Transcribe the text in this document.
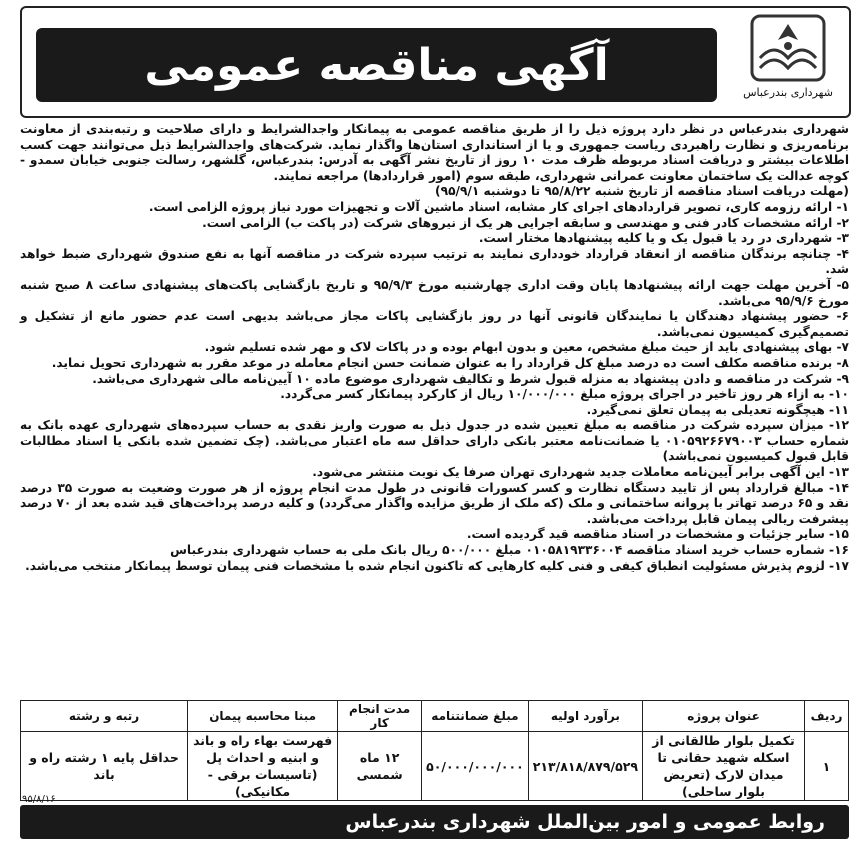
شهرداری بندرعباس
آگهی مناقصه عمومی

شهرداری بندرعباس در نظر دارد پروژه ذیل را از طریق مناقصه عمومی به پیمانکار واجدالشرایط و دارای صلاحیت و رتبه‌بندی از معاونت برنامه‌ریزی و نظارت راهبردی ریاست جمهوری و یا از استانداری استان‌ها واگذار نماید. شرکت‌های واجدالشرایط ذیل می‌توانند جهت کسب اطلاعات بیشتر و دریافت اسناد مربوطه ظرف مدت ۱۰ روز از تاریخ نشر آگهی به آدرس: بندرعباس، گلشهر، رسالت جنوبی خیابان سمدو - کوچه عدالت یک ساختمان معاونت عمرانی شهرداری، طبقه سوم (امور قراردادها) مراجعه نمایند.

(مهلت دریافت اسناد مناقصه از تاریخ شنبه ۹۵/۸/۲۲ تا دوشنبه ۹۵/۹/۱)

۱- ارائه رزومه کاری، تصویر قراردادهای اجرای کار مشابه، اسناد ماشین آلات و تجهیزات مورد نیاز پروژه الزامی است.

۲- ارائه مشخصات کادر فنی و مهندسی و سابقه اجرایی هر یک از نیروهای شرکت (در پاکت ب) الزامی است.

۳- شهرداری در رد یا قبول یک و یا کلیه پیشنهادها مختار است.

۴- چنانچه برندگان مناقصه از انعقاد قرارداد خودداری نمایند به ترتیب سپرده شرکت در مناقصه آنها به نفع صندوق شهرداری ضبط خواهد شد.

۵- آخرین مهلت جهت ارائه پیشنهادها پایان وقت اداری چهارشنبه مورخ ۹۵/۹/۳ و تاریخ بازگشایی پاکت‌های پیشنهادی ساعت ۸ صبح شنبه مورخ ۹۵/۹/۶ می‌باشد.

۶- حضور پیشنهاد دهندگان یا نمایندگان قانونی آنها در روز بازگشایی پاکات مجاز می‌باشد بدیهی است عدم حضور مانع از تشکیل و تصمیم‌گیری کمیسیون نمی‌باشد.

۷- بهای پیشنهادی باید از حیث مبلغ مشخص، معین و بدون ابهام بوده و در پاکات لاک و مهر شده تسلیم شود.

۸- برنده مناقصه مکلف است ده درصد مبلغ کل قرارداد را به عنوان ضمانت حسن انجام معامله در موعد مقرر به شهرداری تحویل نماید.

۹- شرکت در مناقصه و دادن پیشنهاد به منزله قبول شرط و تکالیف شهرداری موضوع ماده ۱۰ آیین‌نامه مالی شهرداری می‌باشد.

۱۰- به ازاء هر روز تاخیر در اجرای پروژه مبلغ ۱۰/۰۰۰/۰۰۰ ریال از کارکرد پیمانکار کسر می‌گردد.

۱۱- هیچگونه تعدیلی به پیمان تعلق نمی‌گیرد.

۱۲- میزان سپرده شرکت در مناقصه به مبلغ تعیین شده در جدول ذیل به صورت واریز نقدی به حساب سپرده‌های شهرداری عهده بانک به شماره حساب ۰۱۰۵۹۲۶۶۷۹۰۰۳ یا ضمانت‌نامه معتبر بانکی دارای حداقل سه ماه اعتبار می‌باشد. (چک تضمین شده بانکی یا اسناد مطالبات قابل قبول کمیسیون نمی‌باشد)

۱۳- این آگهی برابر آیین‌نامه معاملات جدید شهرداری تهران صرفا یک نوبت منتشر می‌شود.

۱۴- مبالغ قرارداد پس از تایید دستگاه نظارت و کسر کسورات قانونی در طول مدت انجام پروژه از هر صورت وضعیت به صورت ۳۵ درصد نقد و ۶۵ درصد تهاتر با پروانه ساختمانی و ملک (که ملک از طریق مزایده واگذار می‌گردد) و کلیه درصد پرداخت‌های قید شده بعد از ۷۰ درصد پیشرفت ریالی پیمان قابل پرداخت می‌باشد.

۱۵- سایر جزئیات و مشخصات در اسناد مناقصه قید گردیده است.

۱۶- شماره حساب خرید اسناد مناقصه ۰۱۰۵۸۱۹۳۳۶۰۰۴ مبلغ ۵۰۰/۰۰۰ ریال بانک ملی به حساب شهرداری بندرعباس

۱۷- لزوم پذیرش مسئولیت انطباق کیفی و فنی کلیه کارهایی که تاکنون انجام شده با مشخصات فنی پیمان توسط پیمانکار منتخب می‌باشد.

ردیف	عنوان پروژه	برآورد اولیه	مبلغ ضمانتنامه	مدت انجام کار	مبنا محاسبه پیمان	رتبه و رشته
۱	تکمیل بلوار طالقانی از اسکله شهید حقانی تا میدان لارک (تعریض بلوار ساحلی)	۲۱۳/۸۱۸/۸۷۹/۵۲۹	۵۰/۰۰۰/۰۰۰/۰۰۰	۱۲ ماه شمسی	فهرست بهاء راه و باند و ابنیه و احداث پل (تاسیسات برقی - مکانیکی)	حداقل پایه ۱ رشته راه و باند
۹۵/۸/۱۶
روابط عمومی و امور بین‌الملل شهرداری بندرعباس
